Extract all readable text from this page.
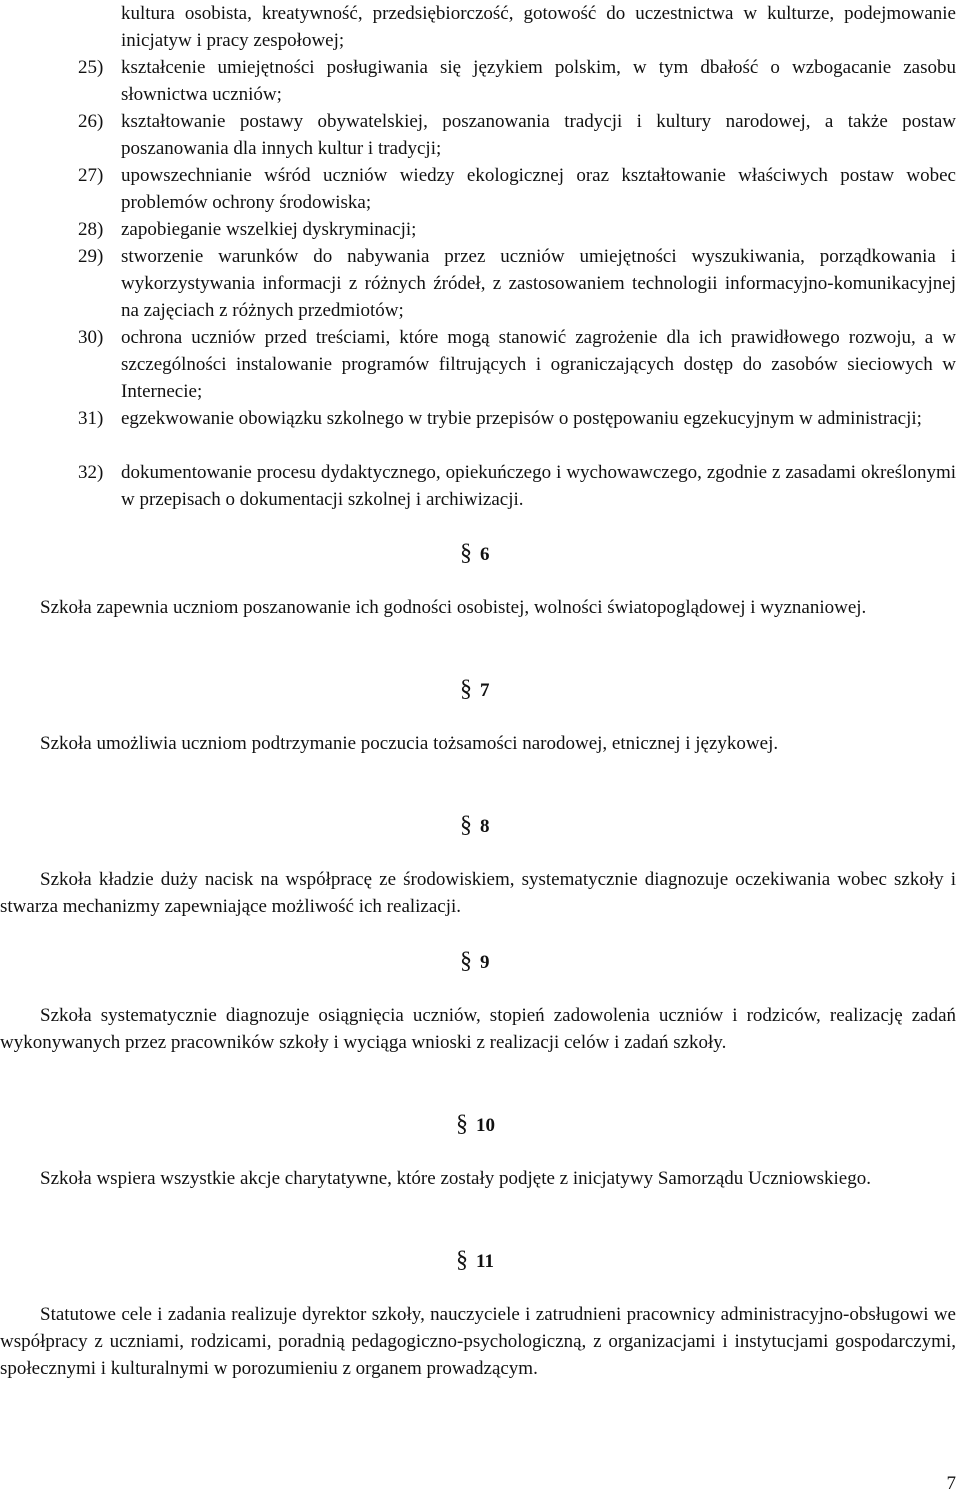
kultura osobista, kreatywność, przedsiębiorczość, gotowość do uczestnictwa w kulturze, podejmowanie inicjatyw i pracy zespołowej;
25) kształcenie umiejętności posługiwania się językiem polskim, w tym dbałość o wzbogacanie zasobu słownictwa uczniów;
26) kształtowanie postawy obywatelskiej, poszanowania tradycji i kultury narodowej, a także postaw poszanowania dla innych kultur i tradycji;
27) upowszechnianie wśród uczniów wiedzy ekologicznej oraz kształtowanie właściwych postaw wobec problemów ochrony środowiska;
28) zapobieganie wszelkiej dyskryminacji;
29) stworzenie warunków do nabywania przez uczniów umiejętności wyszukiwania, porządkowania i wykorzystywania informacji z różnych źródeł, z zastosowaniem technologii informacyjno-komunikacyjnej na zajęciach z różnych przedmiotów;
30) ochrona uczniów przed treściami, które mogą stanowić zagrożenie dla ich prawidłowego rozwoju, a w szczególności instalowanie programów filtrujących i ograniczających dostęp do zasobów sieciowych w Internecie;
31) egzekwowanie obowiązku szkolnego w trybie przepisów o postępowaniu egzekucyjnym w administracji;
32) dokumentowanie procesu dydaktycznego, opiekuńczego i wychowawczego, zgodnie z zasadami określonymi w przepisach o dokumentacji szkolnej i archiwizacji.
§ 6

Szkoła zapewnia uczniom poszanowanie ich godności osobistej, wolności światopoglądowej i wyznaniowej.

§ 7

Szkoła umożliwia uczniom podtrzymanie poczucia tożsamości narodowej, etnicznej i językowej.

§ 8

Szkoła kładzie duży nacisk na współpracę ze środowiskiem, systematycznie diagnozuje oczekiwania wobec szkoły i stwarza mechanizmy zapewniające możliwość ich realizacji.

§ 9

Szkoła systematycznie diagnozuje osiągnięcia uczniów, stopień zadowolenia uczniów i rodziców, realizację zadań wykonywanych przez pracowników szkoły i wyciąga wnioski z realizacji celów i zadań szkoły.

§ 10

Szkoła wspiera wszystkie akcje charytatywne, które zostały podjęte z inicjatywy Samorządu Uczniowskiego.

§ 11

Statutowe cele i zadania realizuje dyrektor szkoły, nauczyciele i zatrudnieni pracownicy administracyjno-obsługowi we współpracy z uczniami, rodzicami, poradnią pedagogiczno-psychologiczną, z organizacjami i instytucjami gospodarczymi, społecznymi i kulturalnymi w porozumieniu z organem prowadzącym.

7
